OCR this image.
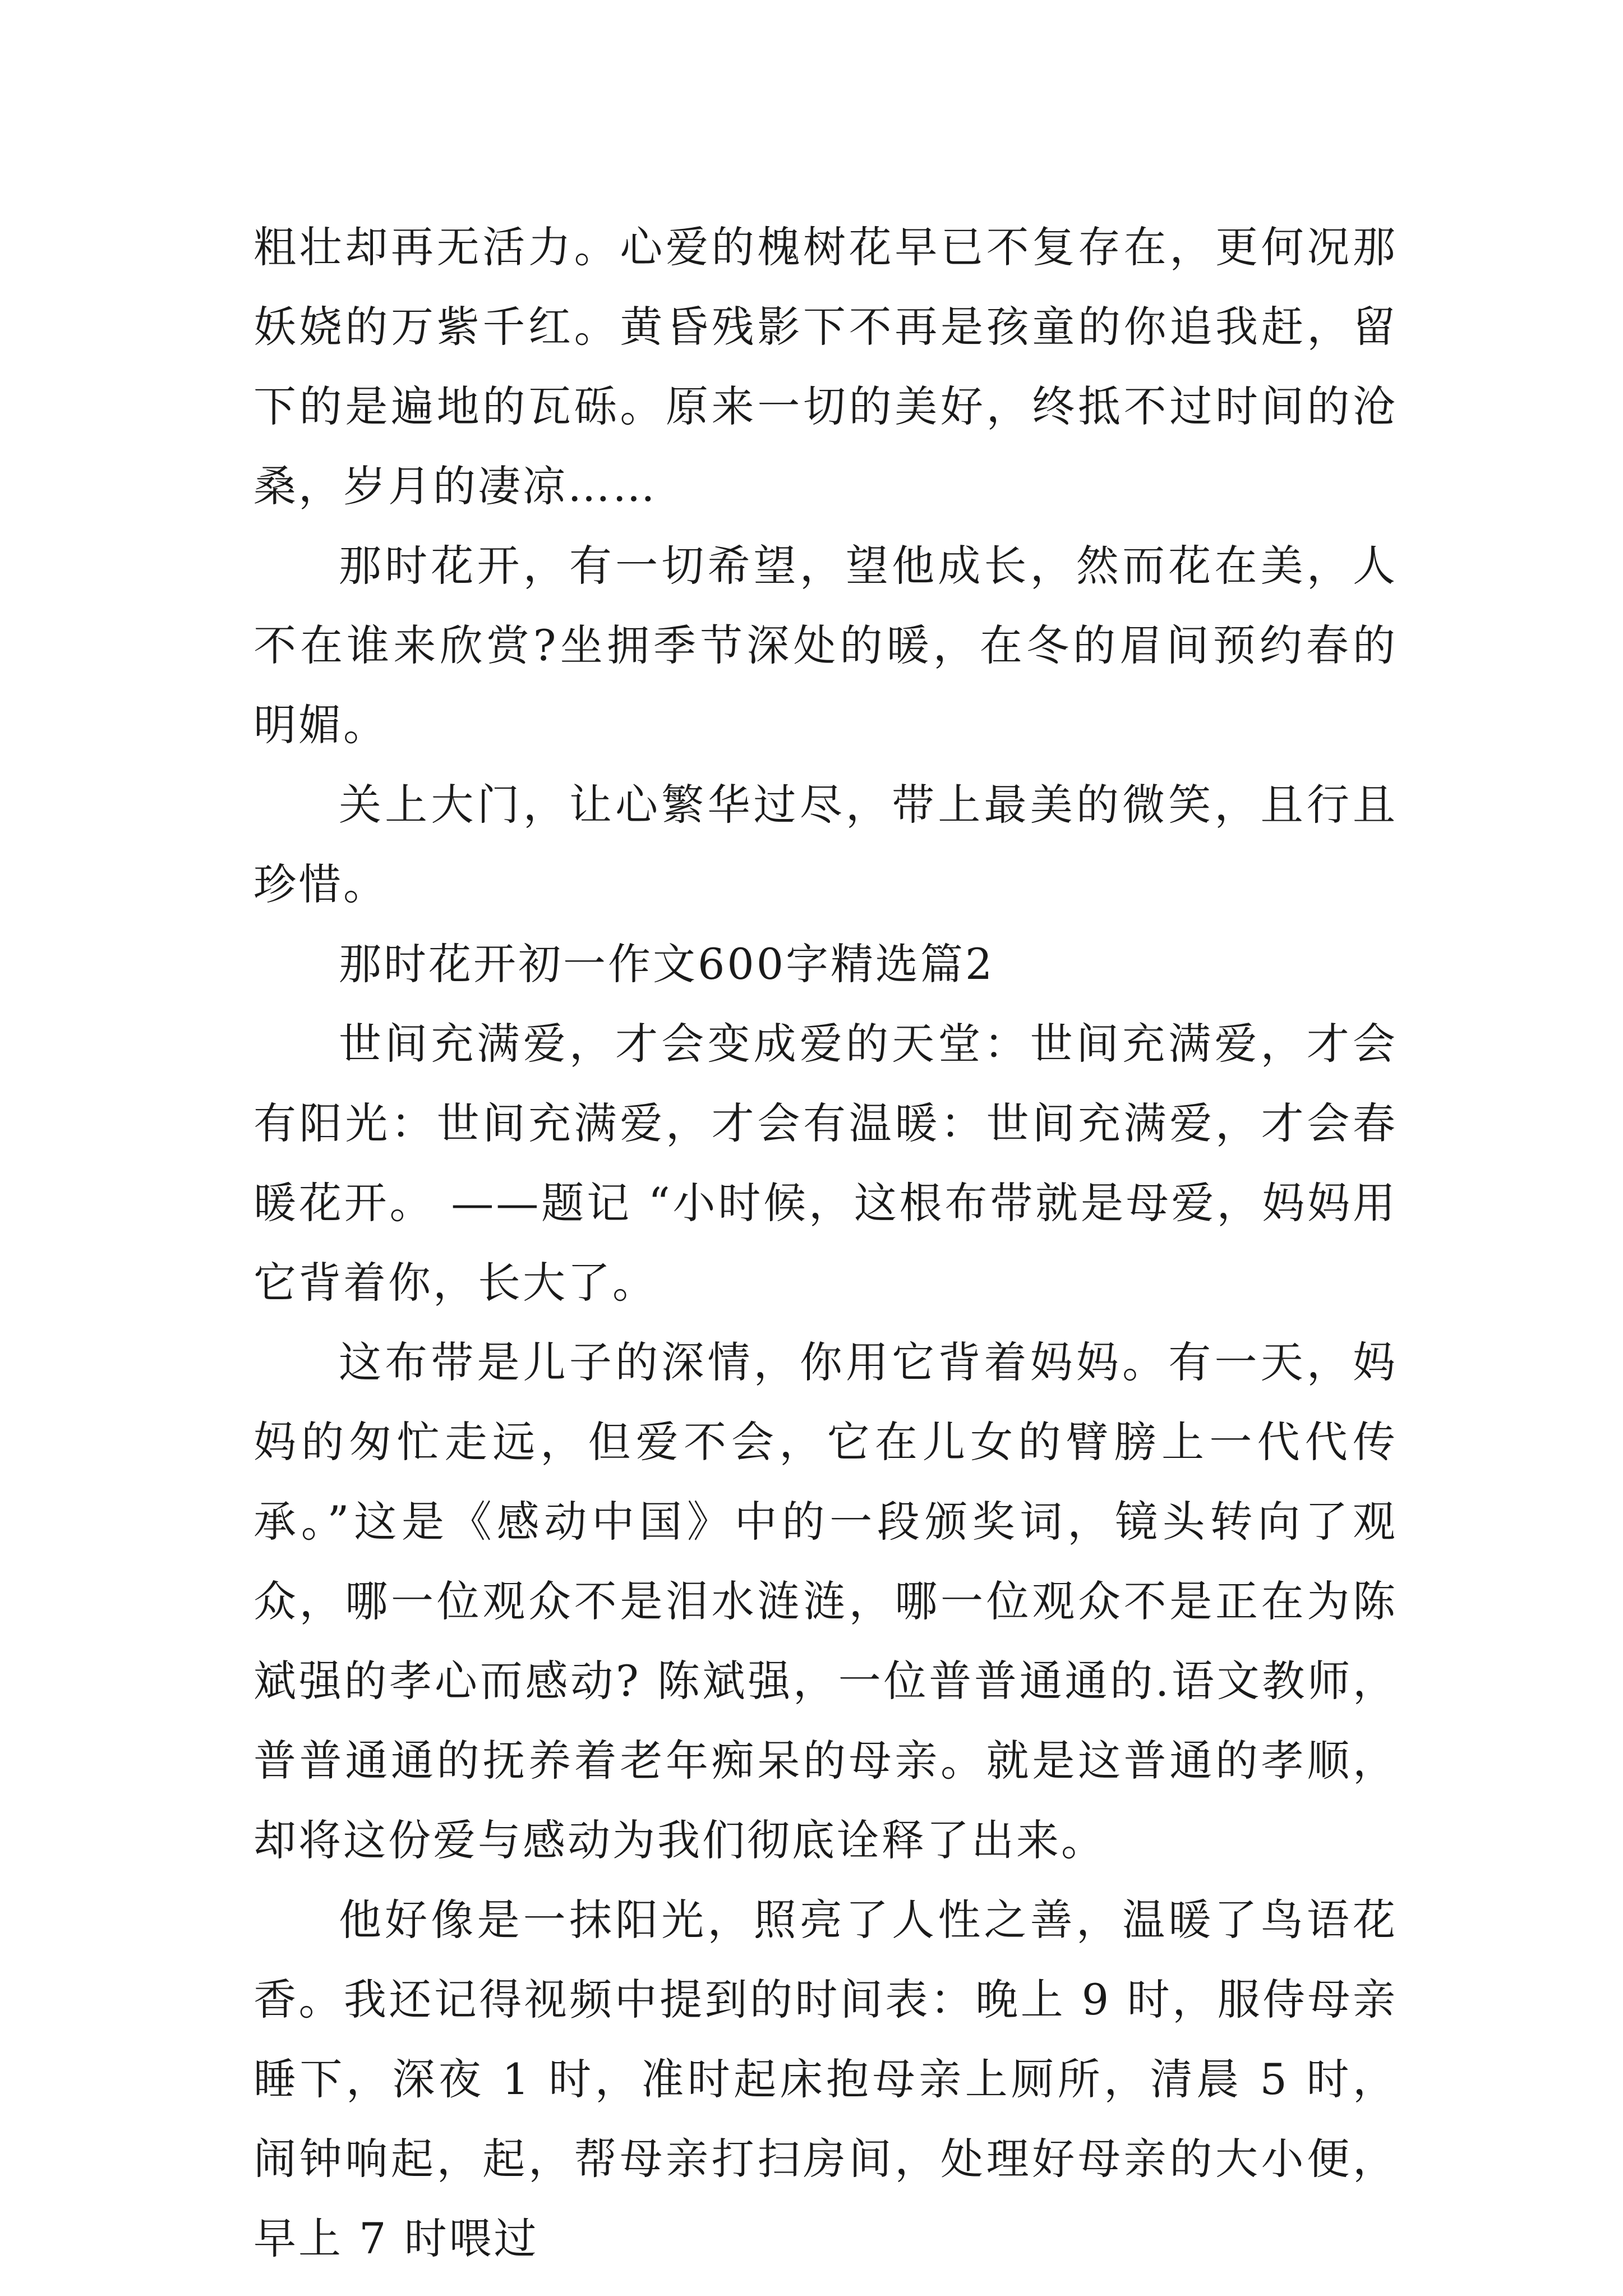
粗壮却再无活力。心爱的槐树花早已不复存在，更何况那妖娆的万紫千红。黄昏残影下不再是孩童的你追我赶，留下的是遍地的瓦砾。原来一切的美好，终抵不过时间的沧桑，岁月的凄凉……

那时花开，有一切希望，望他成长，然而花在美，人不在谁来欣赏?坐拥季节深处的暖，在冬的眉间预约春的明媚。

关上大门，让心繁华过尽，带上最美的微笑，且行且珍惜。

那时花开初一作文600字精选篇2

世间充满爱，才会变成爱的天堂：世间充满爱，才会有阳光：世间充满爱，才会有温暖：世间充满爱，才会春暖花开。 ——题记 “小时候，这根布带就是母爱，妈妈用它背着你，长大了。

这布带是儿子的深情，你用它背着妈妈。有一天，妈妈的匆忙走远，但爱不会，它在儿女的臂膀上一代代传承。”这是《感动中国》中的一段颁奖词，镜头转向了观众，哪一位观众不是泪水涟涟，哪一位观众不是正在为陈斌强的孝心而感动? 陈斌强，一位普普通通的.语文教师，普普通通的抚养着老年痴呆的母亲。就是这普通的孝顺，却将这份爱与感动为我们彻底诠释了出来。

他好像是一抹阳光，照亮了人性之善，温暖了鸟语花香。我还记得视频中提到的时间表：晚上 9 时，服侍母亲睡下，深夜 1 时，准时起床抱母亲上厕所，清晨 5 时，闹钟响起，起，帮母亲打扫房间，处理好母亲的大小便，早上 7 时喂过
